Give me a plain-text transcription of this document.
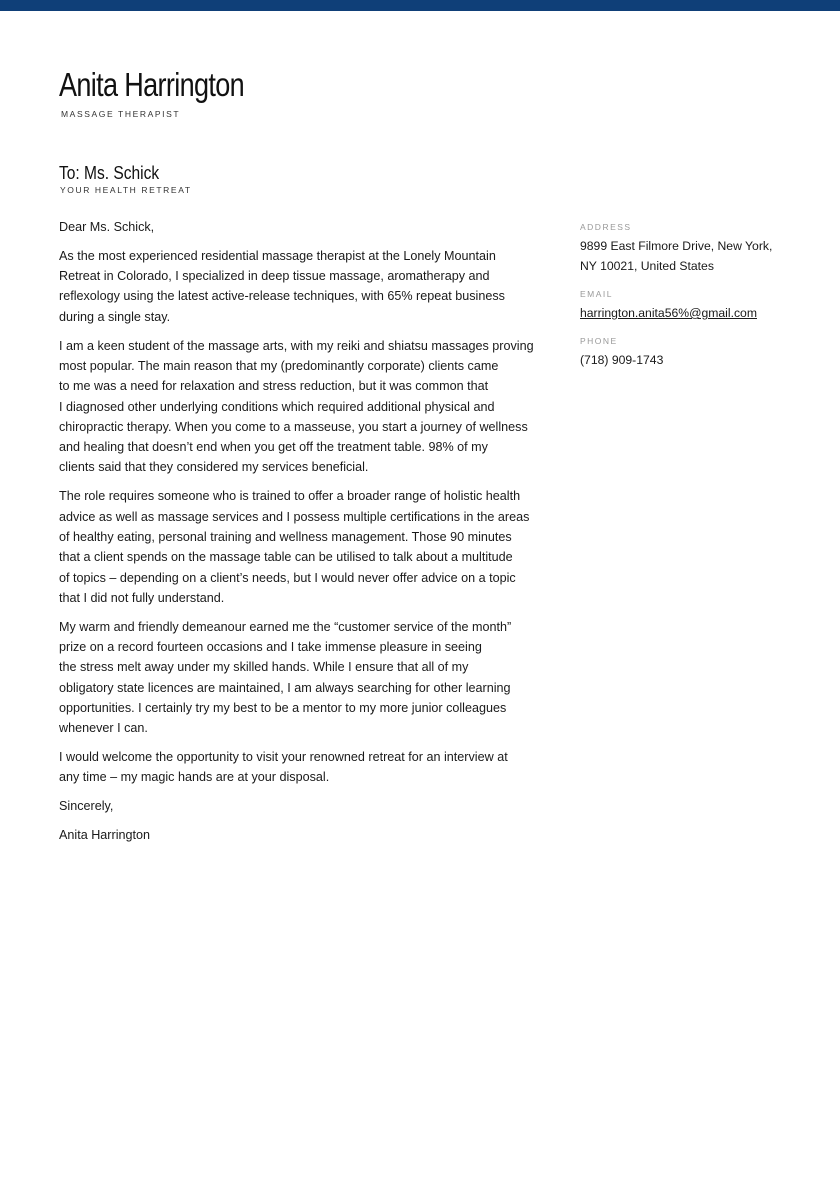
Anita Harrington
MASSAGE THERAPIST
To: Ms. Schick
YOUR HEALTH RETREAT

Dear Ms. Schick,

As the most experienced residential massage therapist at the Lonely Mountain
Retreat in Colorado, I specialized in deep tissue massage, aromatherapy and
reflexology using the latest active-release techniques, with 65% repeat business
during a single stay.

I am a keen student of the massage arts, with my reiki and shiatsu massages proving
most popular. The main reason that my (predominantly corporate) clients came
to me was a need for relaxation and stress reduction, but it was common that
I diagnosed other underlying conditions which required additional physical and
chiropractic therapy. When you come to a masseuse, you start a journey of wellness
and healing that doesn’t end when you get off the treatment table. 98% of my
clients said that they considered my services beneficial.

The role requires someone who is trained to offer a broader range of holistic health
advice as well as massage services and I possess multiple certifications in the areas
of healthy eating, personal training and wellness management. Those 90 minutes
that a client spends on the massage table can be utilised to talk about a multitude
of topics – depending on a client’s needs, but I would never offer advice on a topic
that I did not fully understand.

My warm and friendly demeanour earned me the “customer service of the month”
prize on a record fourteen occasions and I take immense pleasure in seeing
the stress melt away under my skilled hands. While I ensure that all of my
obligatory state licences are maintained, I am always searching for other learning
opportunities. I certainly try my best to be a mentor to my more junior colleagues
whenever I can.

I would welcome the opportunity to visit your renowned retreat for an interview at
any time – my magic hands are at your disposal.

Sincerely,

Anita Harrington

ADDRESS
9899 East Filmore Drive, New York,
NY 10021, United States
EMAIL
harrington.anita56%@gmail.com
PHONE
(718) 909-1743
